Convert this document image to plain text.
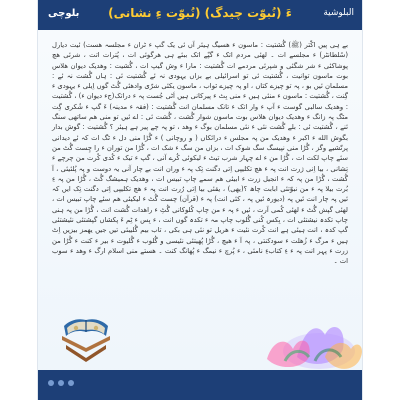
بلوچی	(نُبوّت ءِ نشانی) ءَ (نُبوّت چیدگ)	البلوشیة
بے ہی پیں اکّتر (ﷺ) گُشتیت : ماسون ء ھسیگ ہیئر آں ئی یک گپ ء ٹران ء مجلسہ ھست) ئیت دیارل (سُلطانٹر) ء مجلسے ات ۔ لھئی مردم اتک ء گپّے اتک ببئے ہی ھرگوئی ات ، پُترات اتت ، شرئی ھچ پوشاکئی ء شر شگئی و شپرئی مردمے ات گُشتیت : مارا ء وش گیپ ات ، گُشیت : وھدیک دیوان ھلاس بوت ماسون توانیت ، گُشتیت ئی تو اسرائیلی بے بزاں یہودی نہ ئے گُشتیت ئی : ہاں گُشت نہ ئے : مسلمان ئیں بو ، پہ تو چیزے کتاں ، او پہ چیزے ثواب ، ماسون یکئی شرّی وادھئی گُٹ گوں اِیلی ء یہودی ء گِنت ، گُشتیت : ماسون ء منئی ہیں ء منی بِٹ ء پیرکانی ہیں اَٹی جُست پہ ء دراتک(جء دیوان ء) ، گُشتیت : وھدیک سالبی گوست ء آپ ء وار اتک ء تانک مسلمان انت گُشتیت : (فقہ ء مدینہ) ءَ گپ ء شُکری گِت مٹگ پہ زانگ ء وھدیک دیوان ھلاس بوت ماسون شوار گُشت ، گُشت ئی : اے ئیں تو منی ھم ساتھی سنگ ئنے ، گُشتیت ئی : بلے گُشت نئی ء نئی مسلمان بوگ ء وھد ، تو پہ چے پیر ہے ہیئر ؟ گُشتیت : گوش بدار بگوش الله ء اکبر ء وھدیک من پہ مجلس ء درائکاں ( و روچانی ) ء گُڑا منی دل ء ٹگ ات کہ ئے دیدانی پرتّشیے وگز ، گُڑا منی نپیسگ سگ شوک ات ، بزاں من سگ ء شک ات ، گُڑا من توران ء را چِست گُٹ من سئے چاپ لکت ات ، گُڑا من ء اے چہار شرب تیٹ ء لیکوئی کُرے آنی ، گپ ء تیک ء کُدی کُرت من چرچے ء تِشانی ، بیا اِنی ژرت انت پہ ء ھچ تکلیپی اِتی دگنت تِک پہ ء وران انت بے چار آنی یہ دوست و پہ پُلئیئی ، آ گُشت ، گُڑا من پہ کہ ء انجیل زرت ء ابیئی ھم سمے چاپ تبیس ات ، وھدیک ہمیشگ گُٹ ، گُڑا من پہ ءِ بُرت بیلا پہ ء من نبوّتئی ابابت چاھ ؟(یھی) ، یقئی بیا اِتی رُرت انت پہ ء ھچ تکلیپی اِتی دگنت تِک ایں کہ ئیں پہ چار انت ئیں پہ (دیورہ ئیں پہ ، کئی انت) پہ ء (قرآن) چست گُٹ ء لیکیئی ھم سئے چاپ تبیس ات ، لھئی گپش گُٹ ء لھئی کُمی آرت ، ئیں ء پہ ء من چاپ کُلوکانی گُٹِ ء راھدات گُشت انت ، گُڑا من پہ ہنی چاپ تکدہ نیشتئی ات ، بِکس کُنی گُلوب چاپ مہ ء تکدہ گوں انت ، ء بِس ء ٹِم ءَ پکشاں گپشتئی نئیشتئی گپ کدہ ، انت ہیئی ہے انت کُرت نئیت ء ھریل تو نئی ہی بکی ، تاب بیم گُلیبئی تیں جیں یھمز بیزیں اِٹ ہیں ء مرگ ء زُھلت ء سودکنتی ، پہ آ ء ھیچ ، گُڑا پُھیتئی نئیسی و گُلوب ء گُلیوت ء بیر ء کنت ء گُڑا من زرت ء پہر انت پہ ء ءِ کتابءِ نامئی ، ء پُرچ ء نیمگ ء پُھانگ کنت ۔ ھستے منی اسلام ارگ ء وھد ء سوب ات ۔
